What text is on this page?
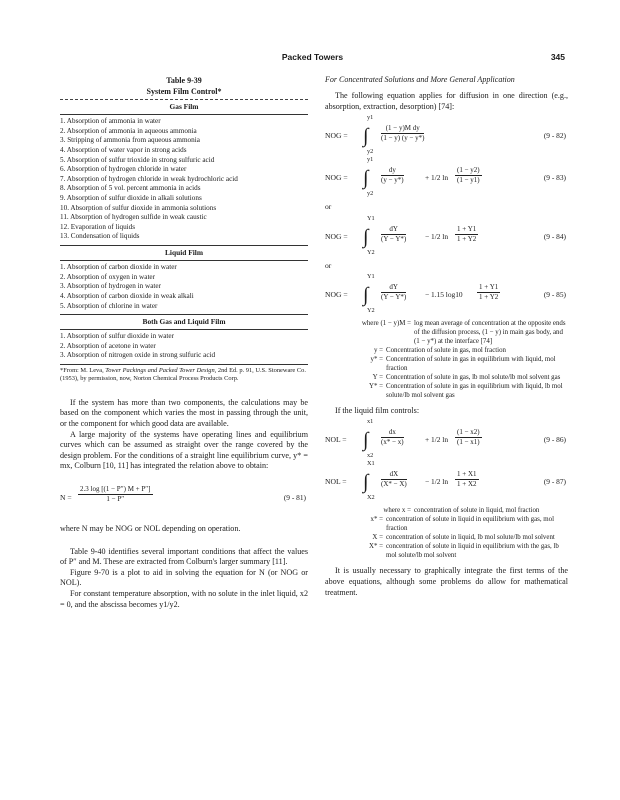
Packed Towers	345
Table 9-39
System Film Control*
Gas Film
1. Absorption of ammonia in water
2. Absorption of ammonia in aqueous ammonia
3. Stripping of ammonia from aqueous ammonia
4. Absorption of water vapor in strong acids
5. Absorption of sulfur trioxide in strong sulfuric acid
6. Absorption of hydrogen chloride in water
7. Absorption of hydrogen chloride in weak hydrochloric acid
8. Absorption of 5 vol. percent ammonia in acids
9. Absorption of sulfur dioxide in alkali solutions
10. Absorption of sulfur dioxide in ammonia solutions
11. Absorption of hydrogen sulfide in weak caustic
12. Evaporation of liquids
13. Condensation of liquids
Liquid Film
1. Absorption of carbon dioxide in water
2. Absorption of oxygen in water
3. Absorption of hydrogen in water
4. Absorption of carbon dioxide in weak alkali
5. Absorption of chlorine in water
Both Gas and Liquid Film
1. Absorption of sulfur dioxide in water
2. Absorption of acetone in water
3. Absorption of nitrogen oxide in strong sulfuric acid
*From: M. Leva, Tower Packings and Packed Tower Design, 2nd Ed. p. 91, U.S. Stoneware Co. (1953), by permission, now, Norton Chemical Process Products Corp.

If the system has more than two components, the calculations may be based on the component which varies the most in passing through the unit, or the component for which good data are available.

A large majority of the systems have operating lines and equilibrium curves which can be assumed as straight over the range covered by the design problem. For the conditions of a straight line equilibrium curve, y* = mx, Colburn [10, 11] has integrated the relation above to obtain:

$N = \frac{2.3 \log [(1 - P'') M + P'']}{1 - P''}$	(9 - 81)

where N may be NOG or NOL depending on operation.

Table 9-40 identifies several important conditions that affect the values of P″ and M. These are extracted from Colburn's larger summary [11].

Figure 9-70 is a plot to aid in solving the equation for N (or NOG or NOL).

For constant temperature absorption, with no solute in the inlet liquid, x2 = 0, and the abscissa becomes y1/y2.

For Concentrated Solutions and More General Application

The following equation applies for diffusion in one direction (e.g., absorption, extraction, desorption) [74]:

NOG =
y1
∫
y2
$\frac{\text{(1 − y)M dy}}{(1 - y) (y - y*)}$	(9 - 82)
NOG =
y1
∫
y2
$\frac{dy}{(y - y*)}$	+ 1/2 $\ln \frac{(1 - y2)}{(1 - y1)}$	(9 - 83)
or
NOG =
Y1
∫
Y2
$\frac{dY}{(Y - Y*)}$	− 1/2 $\ln \frac{1 + Y1}{1 + Y2}$	(9 - 84)
or
NOG =
Y1
∫
Y2
$\frac{dY}{(Y - Y*)}$	− 1.15 $\log 10 \frac{1 + Y1}{1 + Y2}$	(9 - 85)
where (1 − y)M = log mean average of concentration at the opposite ends of the diffusion process, (1 − y) in main gas body, and (1 − y*) at the interface [74]
y = Concentration of solute in gas, mol fraction
y* = Concentration of solute in gas in equilibrium with liquid, mol fraction
Y = Concentration of solute in gas, lb mol solute/lb mol solvent gas
Y* = Concentration of solute in gas in equilibrium with liquid, lb mol solute/lb mol solvent gas

If the liquid film controls:

NOL =
x1
∫
x2
$\frac{dx}{(x* - x)}$	+ 1/2 $\ln \frac{(1 - x2)}{(1 - x1)}$	(9 - 86)
NOL =
X1
∫
X2
$\frac{dX}{(X* - X)} - 1/2$ $\ln \frac{1 + X1}{1 + X2}$	(9 - 87)
where x = concentration of solute in liquid, mol fraction
x* = concentration of solute in liquid in equilibrium with gas, mol fraction
X = concentration of solute in liquid, lb mol solute/lb mol solvent
X* = concentration of solute in liquid in equilibrium with the gas, lb mol solute/lb mol solvent

It is usually necessary to graphically integrate the first terms of the above equations, although some problems do allow for mathematical treatment.
